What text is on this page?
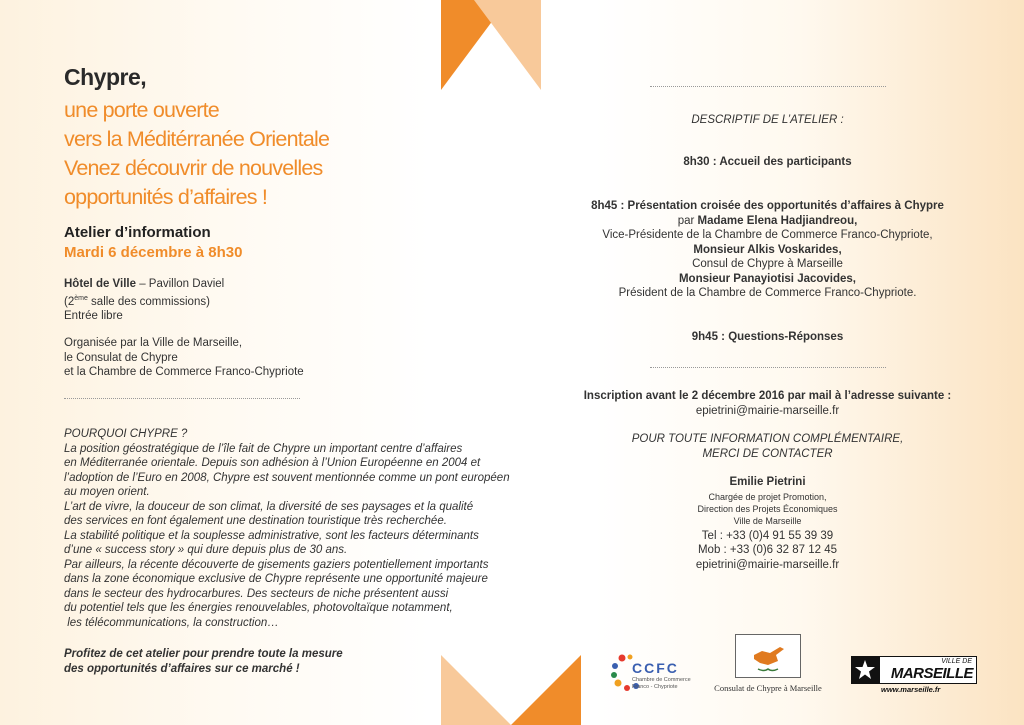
Chypre,
une porte ouverte
vers la Méditérranée Orientale
Venez découvrir de nouvelles
opportunités d’affaires !
Atelier d’information
Mardi 6 décembre à 8h30
Hôtel de Ville – Pavillon Daviel
(2ème salle des commissions)
Entrée libre
Organisée par la Ville de Marseille,
le Consulat de Chypre
et la Chambre de Commerce Franco-Chypriote
POURQUOI CHYPRE ?
La position géostratégique de l’île fait de Chypre un important centre d’affaires
en Méditerranée orientale. Depuis son adhésion à l’Union Européenne en 2004 et
l’adoption de l’Euro en 2008, Chypre est souvent mentionnée comme un pont européen
au moyen orient.
L’art de vivre, la douceur de son climat, la diversité de ses paysages et la qualité
des services en font également une destination touristique très recherchée.
La stabilité politique et la souplesse administrative, sont les facteurs déterminants
d’une « success story » qui dure depuis plus de 30 ans.
Par ailleurs, la récente découverte de gisements gaziers potentiellement importants
dans la zone économique exclusive de Chypre représente une opportunité majeure
dans le secteur des hydrocarbures. Des secteurs de niche présentent aussi
du potentiel tels que les énergies renouvelables, photovoltaïque notamment,
les télécommunications, la construction…
Profitez de cet atelier pour prendre toute la mesure
des opportunités d’affaires sur ce marché !
DESCRIPTIF DE L’ATELIER :
8h30 : Accueil des participants
8h45 : Présentation croisée des opportunités d’affaires à Chypre
par Madame Elena Hadjiandreou,
Vice-Présidente de la Chambre de Commerce Franco-Chypriote,
Monsieur Alkis Voskarides,
Consul de Chypre à Marseille
Monsieur Panayiotisi Jacovides,
Président de la Chambre de Commerce Franco-Chypriote.
9h45 : Questions-Réponses
Inscription avant le 2 décembre 2016 par mail à l’adresse suivante :
epietrini@mairie-marseille.fr
POUR TOUTE INFORMATION COMPLÉMENTAIRE,
MERCI DE CONTACTER
Emilie Pietrini
Chargée de projet Promotion,
Direction des Projets Économiques
Ville de Marseille
Tel : +33 (0)4 91 55 39 39
Mob : +33 (0)6 32 87 12 45
epietrini@mairie-marseille.fr
CCFC
Chambre de Commerce
Franco - Chypriote	Consulat de Chypre à Marseille
VILLE DE
MARSEILLE
www.marseille.fr
